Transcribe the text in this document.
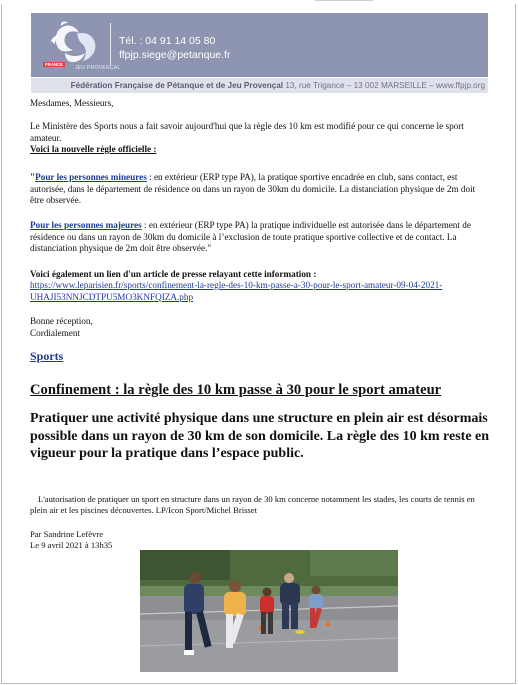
FRANCE
JEU PROVENÇAL
Tél. : 04 91 14 05 80
ffpjp.siege@petanque.fr
Fédération Française de Pétanque et de Jeu Provençal 13, rue Trigance – 13 002 MARSEILLE – www.ffpjp.org

Mesdames, Messieurs,

Le Ministère des Sports nous a fait savoir aujourd'hui que la règle des 10 km est modifié pour ce qui concerne le sport amateur.

Voici la nouvelle règle officielle :

"Pour les personnes mineures : en extérieur (ERP type PA), la pratique sportive encadrée en club, sans contact, est autorisée, dans le département de résidence ou dans un rayon de 30km du domicile. La distanciation physique de 2m doit être observée.

Pour les personnes majeures : en extérieur (ERP type PA) la pratique individuelle est autorisée dans le département de résidence ou dans un rayon de 30km du domicile à l’exclusion de toute pratique sportive collective et de contact. La distanciation physique de 2m doit être observée."

Voici également un lien d'un article de presse relayant cette information :

https://www.leparisien.fr/sports/confinement-la-regle-des-10-km-passe-a-30-pour-le-sport-amateur-09-04-2021-UHAJI53NNJCDTPU5MO3KNFQIZA.php

Bonne réception,

Cordialement

Sports

Confinement : la règle des 10 km passe à 30 pour le sport amateur

Pratiquer une activité physique dans une structure en plein air est désormais possible dans un rayon de 30 km de son domicile. La règle des 10 km reste en vigueur pour la pratique dans l’espace public.

L'autorisation de pratiquer un sport en structure dans un rayon de 30 km concerne notamment les stades, les courts de tennis en plein air et les piscines découvertes. LP/Icon Sport/Michel Brisset

Par Sandrine Lefèvre

Le 9 avril 2021 à 13h35
